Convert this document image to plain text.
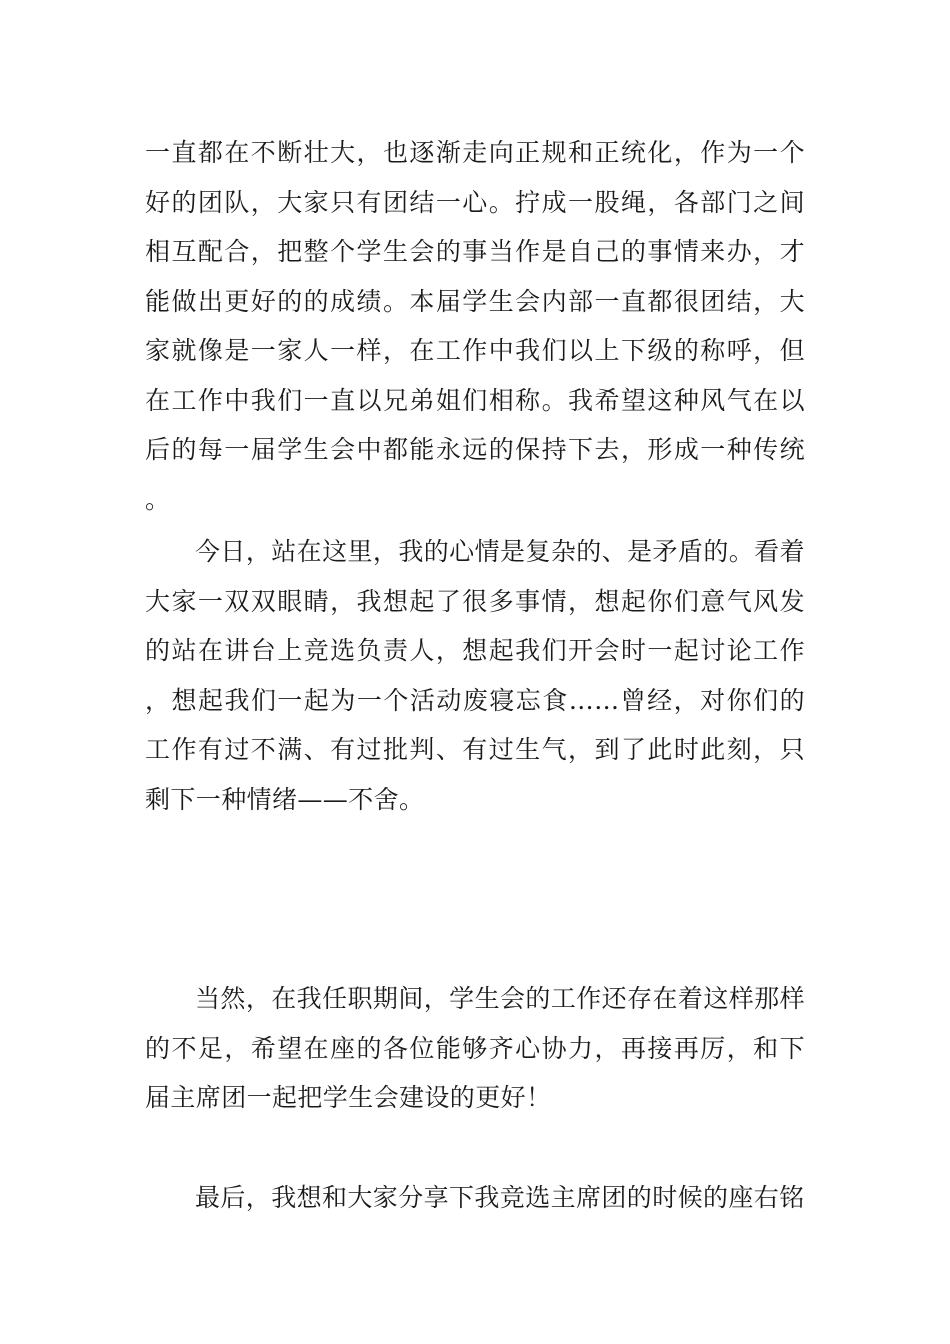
一直都在不断壮大，也逐渐走向正规和正统化，作为一个好的团队，大家只有团结一心。拧成一股绳，各部门之间相互配合，把整个学生会的事当作是自己的事情来办，才能做出更好的的成绩。本届学生会内部一直都很团结，大家就像是一家人一样，在工作中我们以上下级的称呼，但在工作中我们一直以兄弟姐们相称。我希望这种风气在以后的每一届学生会中都能永远的保持下去，形成一种传统。

今日，站在这里，我的心情是复杂的、是矛盾的。看着大家一双双眼睛，我想起了很多事情，想起你们意气风发的站在讲台上竞选负责人，想起我们开会时一起讨论工作，想起我们一起为一个活动废寝忘食……曾经，对你们的工作有过不满、有过批判、有过生气，到了此时此刻，只剩下一种情绪——不舍。

当然，在我任职期间，学生会的工作还存在着这样那样的不足，希望在座的各位能够齐心协力，再接再厉，和下届主席团一起把学生会建设的更好！

最后，我想和大家分享下我竞选主席团的时候的座右铭
